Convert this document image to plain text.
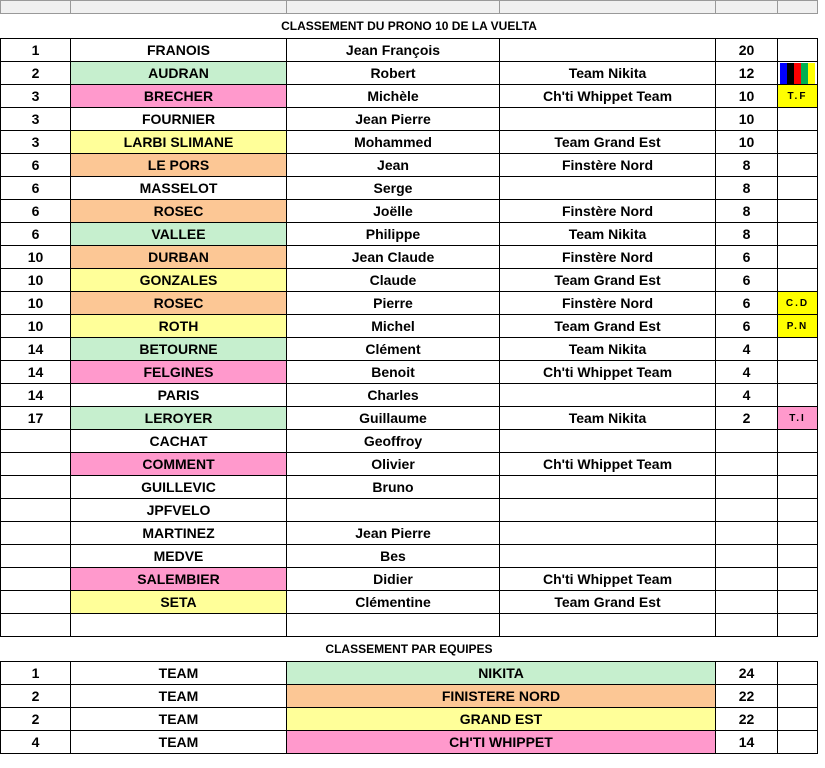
CLASSEMENT DU PRONO 10 DE LA VUELTA					
1	FRANOIS	Jean François		20	
2	AUDRAN	Robert	Team Nikita	12	

3	BRECHER	Michèle	Ch'ti Whippet Team	10	T.F
3	FOURNIER	Jean Pierre		10	
3	LARBI SLIMANE	Mohammed	Team Grand Est	10	
6	LE PORS	Jean	Finstère Nord	8	
6	MASSELOT	Serge		8	
6	ROSEC	Joëlle	Finstère Nord	8	
6	VALLEE	Philippe	Team Nikita	8	
10	DURBAN	Jean Claude	Finstère Nord	6	
10	GONZALES	Claude	Team Grand Est	6	
10	ROSEC	Pierre	Finstère Nord	6	C.D
10	ROTH	Michel	Team Grand Est	6	P.N
14	BETOURNE	Clément	Team Nikita	4	
14	FELGINES	Benoit	Ch'ti Whippet Team	4	
14	PARIS	Charles		4	
17	LEROYER	Guillaume	Team Nikita	2	T.I
	CACHAT	Geoffroy			
	COMMENT	Olivier	Ch'ti Whippet Team		
	GUILLEVIC	Bruno			
	JPFVELO				
	MARTINEZ	Jean Pierre			
	MEDVE	Bes			
	SALEMBIER	Didier	Ch'ti Whippet Team		
	SETA	Clémentine	Team Grand Est		

CLASSEMENT PAR EQUIPES					
1	TEAM	NIKITA		24	
2	TEAM	FINISTERE NORD		22	
2	TEAM	GRAND EST		22	
4	TEAM	CH'TI WHIPPET		14	
